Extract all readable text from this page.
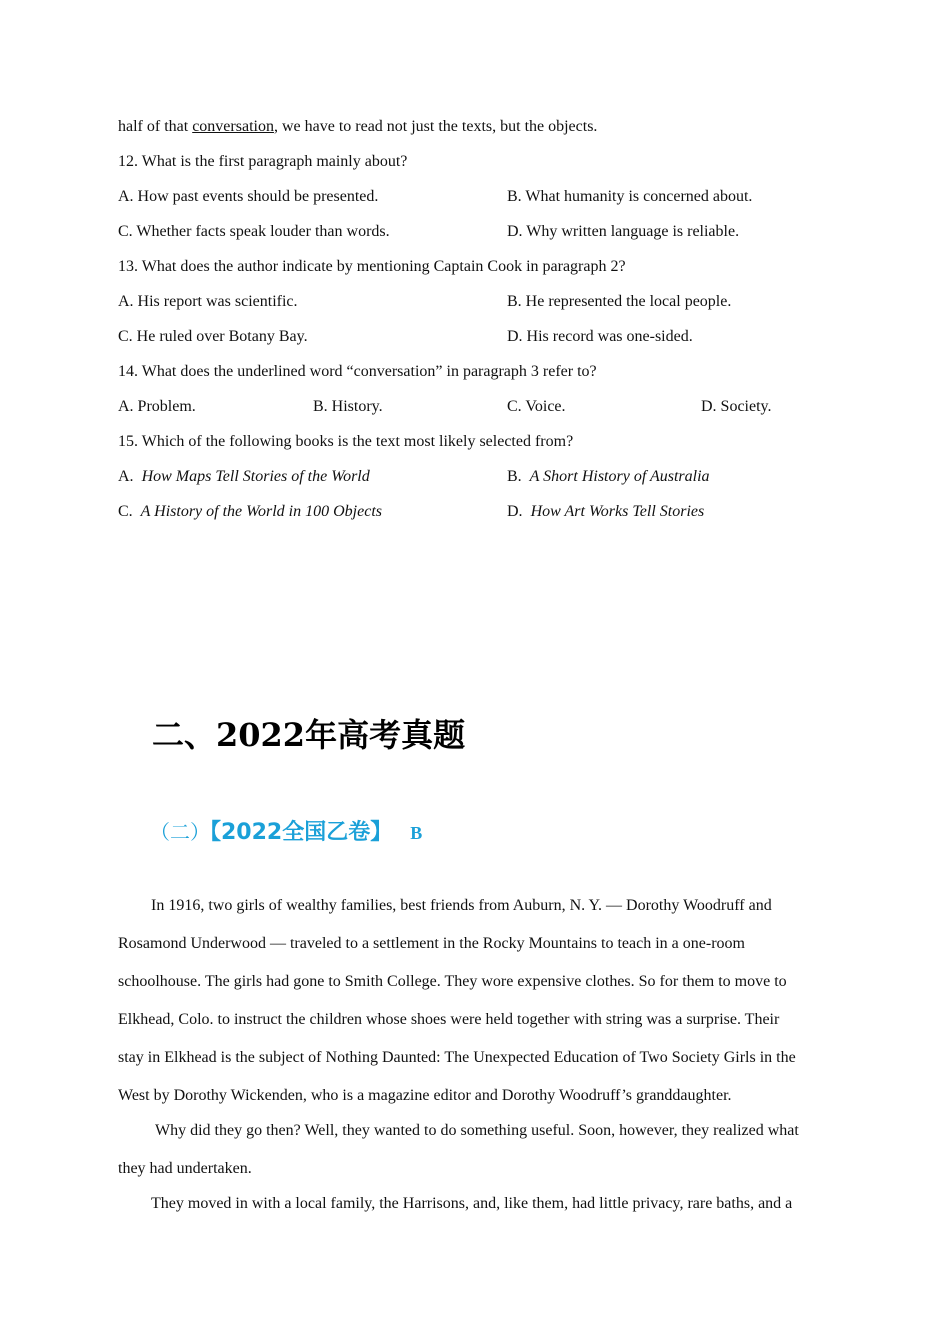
half of that conversation, we have to read not just the texts, but the objects.
12. What is the first paragraph mainly about?
A. How past events should be presented.	B. What humanity is concerned about.
C. Whether facts speak louder than words.	D. Why written language is reliable.
13. What does the author indicate by mentioning Captain Cook in paragraph 2?
A. His report was scientific.	B. He represented the local people.
C. He ruled over Botany Bay.	D. His record was one-sided.
14. What does the underlined word “conversation” in paragraph 3 refer to?
A. Problem.	B. History.	C. Voice.	D. Society.
15. Which of the following books is the text most likely selected from?
A. How Maps Tell Stories of the World	B. A Short History of Australia
C. A History of the World in 100 Objects	D. How Art Works Tell Stories
二、2022年高考真题
（二）【2022全国乙卷】 B
In 1916, two girls of wealthy families, best friends from Auburn, N. Y. — Dorothy Woodruff and
Rosamond Underwood — traveled to a settlement in the Rocky Mountains to teach in a one-room
schoolhouse. The girls had gone to Smith College. They wore expensive clothes. So for them to move to
Elkhead, Colo. to instruct the children whose shoes were held together with string was a surprise. Their
stay in Elkhead is the subject of Nothing Daunted: The Unexpected Education of Two Society Girls in the
West by Dorothy Wickenden, who is a magazine editor and Dorothy Woodruff’s granddaughter.
Why did they go then? Well, they wanted to do something useful. Soon, however, they realized what
they had undertaken.
They moved in with a local family, the Harrisons, and, like them, had little privacy, rare baths, and a
